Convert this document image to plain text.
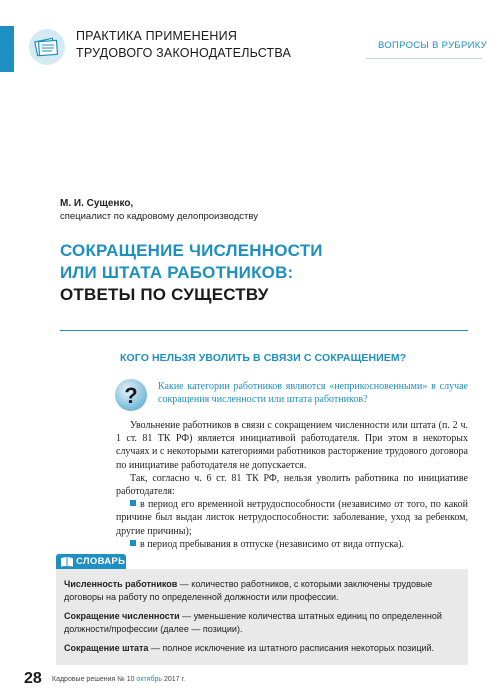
ПРАКТИКА ПРИМЕНЕНИЯ
ТРУДОВОГО ЗАКОНОДАТЕЛЬСТВА
ВОПРОСЫ В РУБРИКУ
М. И. Сущенко,
специалист по кадровому делопроизводству
СОКРАЩЕНИЕ ЧИСЛЕННОСТИ
ИЛИ ШТАТА РАБОТНИКОВ:
ОТВЕТЫ ПО СУЩЕСТВУ
КОГО НЕЛЬЗЯ УВОЛИТЬ В СВЯЗИ С СОКРАЩЕНИЕМ?
? Какие категории работников являются «неприкосновенными» в случае сокращения численности или штата работников?

Увольнение работников в связи с сокращением численности или штата (п. 2 ч. 1 ст. 81 ТК РФ) является инициативой работодателя. При этом в некоторых случаях и с некоторыми категориями работников расторжение трудового договора по инициативе работодателя не допускается.

Так, согласно ч. 6 ст. 81 ТК РФ, нельзя уволить работника по инициативе работодателя:

в период его временной нетрудоспособности (независимо от того, по какой причине был выдан листок нетрудоспособности: заболевание, уход за ребенком, другие причины);

в период пребывания в отпуске (независимо от вида отпуска).

СЛОВАРЬ

Численность работников — количество работников, с которыми заключены трудовые договоры на работу по определенной должности или профессии.

Сокращение численности — уменьшение количества штатных единиц по определенной должности/профессии (далее — позиции).

Сокращение штата — полное исключение из штатного расписания некоторых позиций.

28 Кадровые решения № 10 октябрь 2017 г.
